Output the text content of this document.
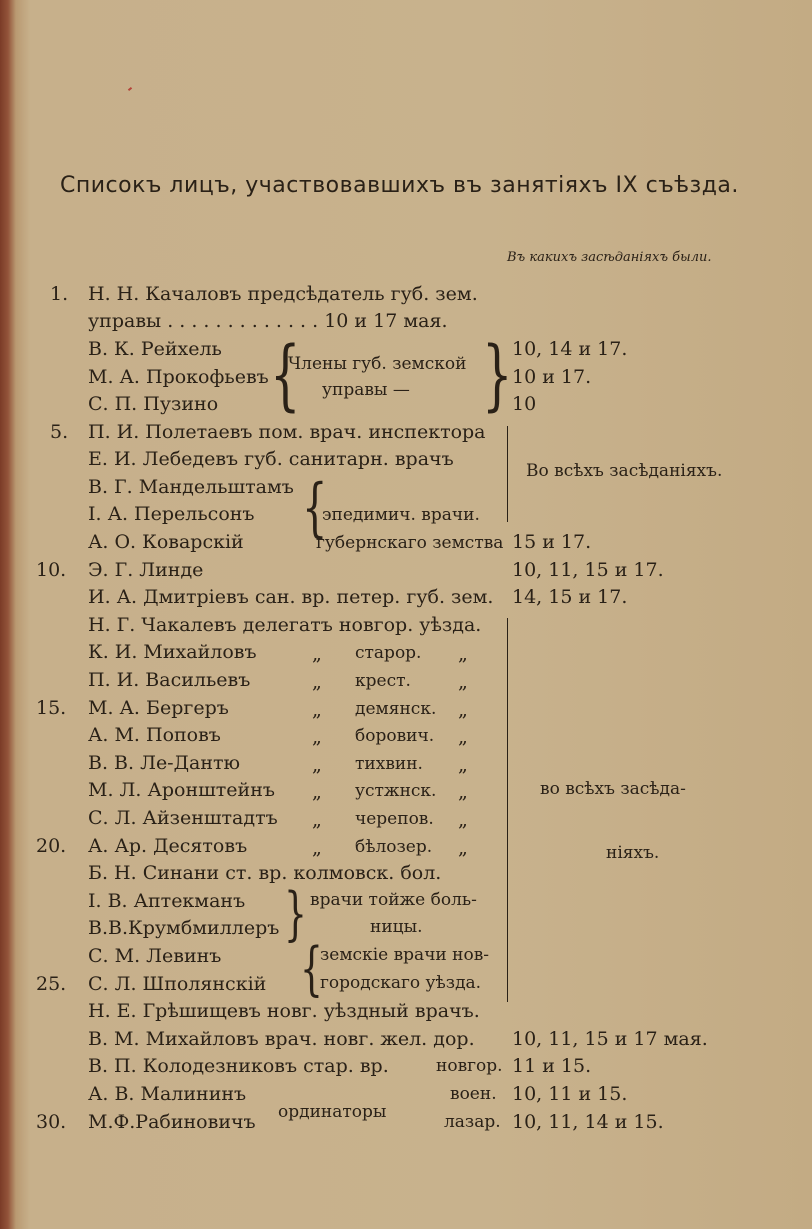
Списокъ лицъ, участвовавшихъ въ занятіяхъ IX съѣзда.
Въ какихъ засѣданіяхъ были.
1.
5.
10.
15.
20.
25.
30.
Н. Н. Качаловъ предсѣдатель губ. зем.
управы . . . . . . . . . . . . . 10 и 17 мая.
В. К. Рейхель
М. А. Прокофьевъ
С. П. Пузино
П. И. Полетаевъ пом. врач. инспектора
Е. И. Лебедевъ губ. санитарн. врачъ
В. Г. Мандельштамъ
І. А. Перельсонъ
А. О. Коварскій
Э. Г. Линде
И. А. Дмитріевъ сан. вр. петер. губ. зем.
Н. Г. Чакалевъ делегатъ новгор. уѣзда.
К. И. Михайловъ
П. И. Васильевъ
М. А. Бергеръ
А. М. Поповъ
В. В. Ле-Дантю
М. Л. Аронштейнъ
С. Л. Айзенштадтъ
А. Ар. Десятовъ
Б. Н. Синани ст. вр. колмовск. бол.
І. В. Аптекманъ
В.В.Крумбмиллеръ
С. М. Левинъ
С. Л. Шполянскій
Н. Е. Грѣшищевъ новг. уѣздный врачъ.
В. М. Михайловъ врач. новг. жел. дор.
В. П. Колодезниковъ стар. вр.
А. В. Малининъ
М.Ф.Рабиновичъ
{
Члены губ. земской
управы — }
{
эпедимич. врачи.
губернскаго земства
„ старор. „
„ крест. „
„ демянск. „
„ борович. „
„ тихвин. „
„ устжнск. „
„ черепов. „
„ бѣлозер. „
} врачи тойже боль-
ницы.
{
земскіе врачи нов-
городскаго уѣзда.
новгор.
воен.
лазар.
ординаторы
10, 14 и 17.
10 и 17.
10
Во всѣхъ засѣданіяхъ.
15 и 17.
10, 11, 15 и 17.
14, 15 и 17.
во всѣхъ засѣда-
ніяхъ.
10, 11, 15 и 17 мая.
11 и 15.
10, 11 и 15.
10, 11, 14 и 15.
